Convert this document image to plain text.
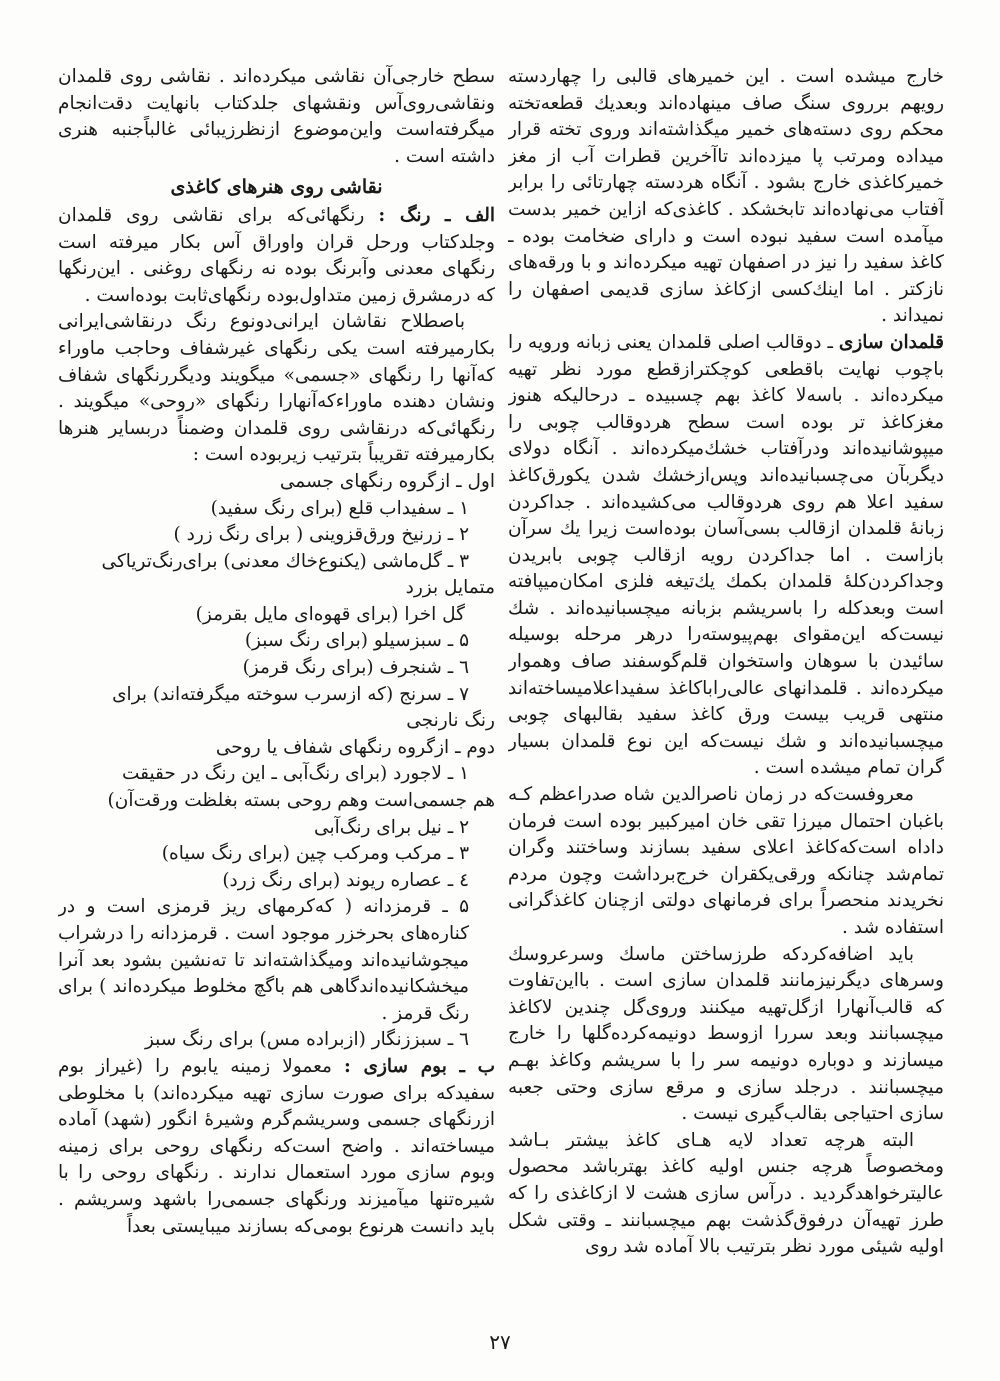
خارج میشده است . این خمیرهای قالبی را چهاردسته رویهم برروی سنگ صاف مینهاده‌اند وبعدیك قطعه‌تخته محکم روی دسته‌های خمیر میگذاشته‌اند وروی تخته قرار میداده ومرتب پا میزده‌اند تاآخرین قطرات آب از مغز خمیرکاغذی خارج بشود . آنگاه هردسته چهارتائی را برابر آفتاب می‌نهاده‌اند تابخشکد . کاغذی‌که ازاین خمیر بدست میآمده است سفید نبوده است و دارای ضخامت بوده ـ کاغذ سفید را نیز در اصفهان تهیه میکرده‌اند و با ورقه‌های نازکتر . اما اینك‌کسی ازکاغذ سازی قدیمی اصفهان را نمیداند .

قلمدان سازی ـ دوقالب اصلی قلمدان یعنی زبانه ورویه را باچوب نهایت باقطعی کوچکترازقطع مورد نظر تهیه میکرده‌اند . باسه‌لا کاغذ بهم چسبیده ـ درحالیکه هنوز مغزکاغذ تر بوده است سطح هردوقالب چوبی را میپوشانیده‌اند ودرآفتاب خشك‌میکرده‌اند . آنگاه دولای دیگربآن می‌چسبانیده‌اند وپس‌ازخشك شدن یکورق‌کاغذ سفید اعلا هم روی هردوقالب می‌کشیده‌اند . جداکردن زبانهٔ قلمدان ازقالب بسی‌آسان بوده‌است زیرا یك سرآن بازاست . اما جداکردن رویه ازقالب چوبی بابریدن وجداکردن‌کلهٔ قلمدان بکمك یك‌تیغه فلزی امکان‌میپافته است وبعدکله را باسریشم بزبانه میچسبانیده‌اند . شك نیست‌که این‌مقوای بهم‌پیوسته‌را درهر مرحله بوسیله سائیدن با سوهان واستخوان قلم‌گوسفند صاف وهموار میکرده‌اند . قلمدانهای عالی‌راباکاغذ سفیداعلامیساخته‌اند منتهی قریب بیست ورق کاغذ سفید بقالبهای چوبی میچسبانیده‌اند و شك نیست‌که این نوع قلمدان بسیار گران تمام میشده است .

معروفست‌که در زمان ناصرالدین شاه صدراعظم کـه باغبان احتمال میرزا تقی خان امیرکبیر بوده است فرمان داداه است‌که‌کاغذ اعلای سفید بسازند وساختند وگران تمام‌شد چنانکه ورقی‌یکقران خرج‌برداشت وچون مردم نخریدند منحصراً برای فرمانهای دولتی ازچنان کاغذگرانی استفاده شد .

باید اضافه‌کردکه طرزساختن ماسك وسرعروسك وسرهای دیگرنیزمانند قلمدان سازی است . بااین‌تفاوت که قالب‌آنهارا ازگل‌تهیه میکنند وروی‌گل چندین لاکاغذ میچسبانند وبعد سررا ازوسط دونیمه‌کرده‌گلها را خارج میسازند و دوباره دونیمه سر را با سریشم وکاغذ بهـم میچسبانند . درجلد سازی و مرقع سازی وحتی جعبه سازی احتیاجی بقالب‌گیری نیست .

البته هرچه تعداد لایه هـای کاغذ بیشتر بـاشد ومخصوصاً هرچه جنس اولیه کاغذ بهترباشد محصول عالیترخواهدگردید . درآس سازی هشت لا ازکاغذی را که طرز تهیه‌آن درفوق‌گذشت بهم میچسبانند ـ وقتی شکل اولیه شیئی مورد نظر بترتیب بالا آماده شد روی

سطح خارجی‌آن نقاشی میکرده‌اند . نقاشی روی قلمدان ونقاشی‌روی‌آس ونقشهای جلدکتاب بانهایت دقت‌انجام میگرفته‌است واین‌موضوع ازنظرزیبائی غالباًجنبه هنری داشته است .

نقاشی روی هنرهای کاغذی

الف ـ رنگ : رنگهائی‌که برای نقاشی روی قلمدان وجلدکتاب ورحل قران واوراق آس بکار میرفته است رنگهای معدنی وآبرنگ بوده نه رنگهای روغنی . این‌رنگها که درمشرق زمین متداول‌بوده رنگهای‌ثابت بوده‌است .

باصطلاح نقاشان ایرانی‌دونوع رنگ درنقاشی‌ایرانی بکارمیرفته است یکی رنگهای غیرشفاف وحاجب ماوراء که‌آنها را رنگهای «جسمی» میگویند ودیگررنگهای شفاف ونشان دهنده ماوراءکه‌آنهارا رنگهای «روحی» میگویند . رنگهائی‌که درنقاشی روی قلمدان وضمناً دربسایر هنرها بکارمیرفته تقریباً بترتیب زیربوده است :

اول ـ ازگروه رنگهای جسمی

۱ ـ سفیداب قلع (برای رنگ سفید)

۲ ـ زرنیخ ورق‌قزوینی ( برای رنگ زرد )

۳ ـ گل‌ماشی (یکنوع‌خاك معدنی) برای‌رنگ‌تریاکی

متمایل بزرد

گل اخرا (برای قهوه‌ای مایل بقرمز)

۵ ـ سبزسیلو (برای رنگ سبز)

٦ ـ شنجرف (برای رنگ قرمز)

۷ ـ سرنج (که ازسرب سوخته میگرفته‌اند) برای

رنگ نارنجی

دوم ـ ازگروه رنگهای شفاف یا روحی

۱ ـ لاجورد (برای رنگ‌آبی ـ این رنگ در حقیقت

هم جسمی‌است وهم روحی بسته بغلظت ورقت‌آن)

۲ ـ نیل برای رنگ‌آبی

۳ ـ مرکب ومرکب چین (برای رنگ سیاه)

٤ ـ عصاره ریوند (برای رنگ زرد)

۵ ـ قرمزدانه ( که‌کرمهای ریز قرمزی است و در کناره‌های بحرخزر موجود است . قرمزدانه را درشراب میجوشانیده‌اند ومیگذاشته‌اند تا ته‌نشین بشود بعد آنرا میخشکانیده‌اندگاهی هم باگچ مخلوط میکرده‌اند ) برای رنگ قرمز .

٦ ـ سبززنگار (ازبراده مس) برای رنگ سبز

ب ـ بوم سازی : معمولا زمینه یابوم را (غیراز بوم سفیدکه برای صورت سازی تهیه میکرده‌اند) با مخلوطی ازرنگهای جسمی وسریشم‌گرم وشیرهٔ انگور (شهد) آماده میساخته‌اند . واضح است‌که رنگهای روحی برای زمینه وبوم سازی مورد استعمال ندارند . رنگهای روحی را با شیره‌تنها میآمیزند ورنگهای جسمی‌را باشهد وسریشم . باید دانست هرنوع بومی‌که بسازند میبایستی بعداً

۲۷
